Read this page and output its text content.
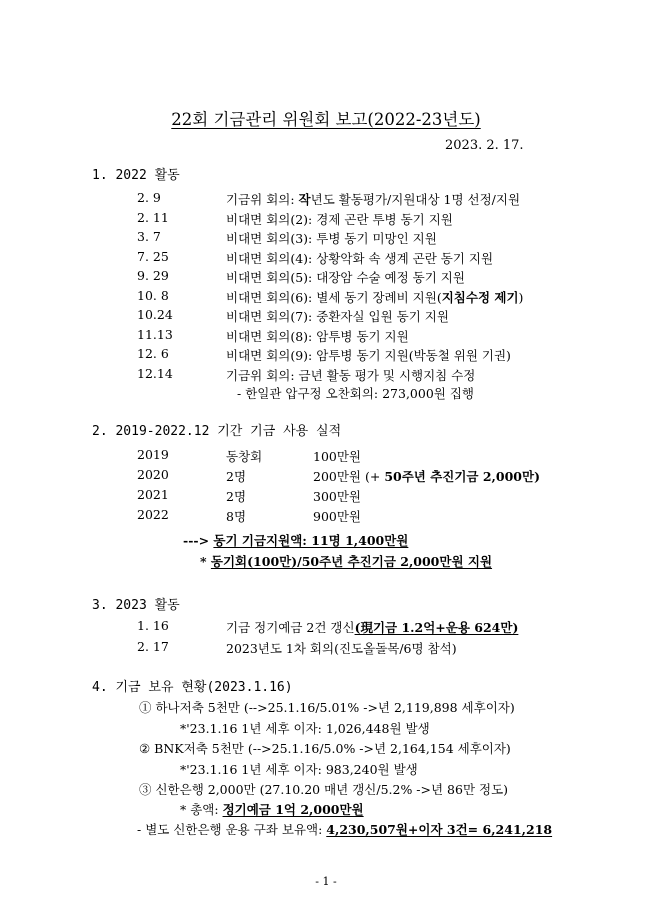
22회 기금관리 위원회 보고(2022-23년도)
2023. 2. 17.
1. 2022 활동
2. 9	기금위 회의: 작년도 활동평가/지원대상 1명 선정/지원
2. 11	비대면 회의(2): 경제 곤란 투병 동기 지원
3. 7	비대면 회의(3): 투병 동기 미망인 지원
7. 25	비대면 회의(4): 상황악화 속 생계 곤란 동기 지원
9. 29	비대면 회의(5): 대장암 수술 예정 동기 지원
10. 8	비대면 회의(6): 별세 동기 장례비 지원(지침수정 제기)
10.24	비대면 회의(7): 중환자실 입원 동기 지원
11.13	비대면 회의(8): 암투병 동기 지원
12. 6	비대면 회의(9): 암투병 동기 지원(박동철 위원 기권)
12.14	기금위 회의: 금년 활동 평가 및 시행지침 수정
- 한일관 압구정 오찬회의: 273,000원 집행
2. 2019-2022.12 기간 기금 사용 실적
2019	동창회	100만원
2020	2명	200만원 (+ 50주년 추진기금 2,000만)
2021	2명	300만원
2022	8명	900만원
---> 동기 기금지원액: 11명 1,400만원
* 동기회(100만)/50주년 추진기금 2,000만원 지원
3. 2023 활동
1. 16	기금 정기예금 2건 갱신(現기금 1.2억+운용 624만)
2. 17	2023년도 1차 회의(진도올돌목/6명 참석)
4. 기금 보유 현황(2023.1.16)
① 하나저축 5천만 (-->25.1.16/5.01% ->년 2,119,898 세후이자)
*'23.1.16 1년 세후 이자: 1,026,448원 발생
② BNK저축 5천만 (-->25.1.16/5.0% ->년 2,164,154 세후이자)
*'23.1.16 1년 세후 이자: 983,240원 발생
③ 신한은행 2,000만 (27.10.20 매년 갱신/5.2% ->년 86만 정도)
* 총액: 정기예금 1억 2,000만원
- 별도 신한은행 운용 구좌 보유액: 4,230,507원+이자 3건= 6,241,218
- 1 -
